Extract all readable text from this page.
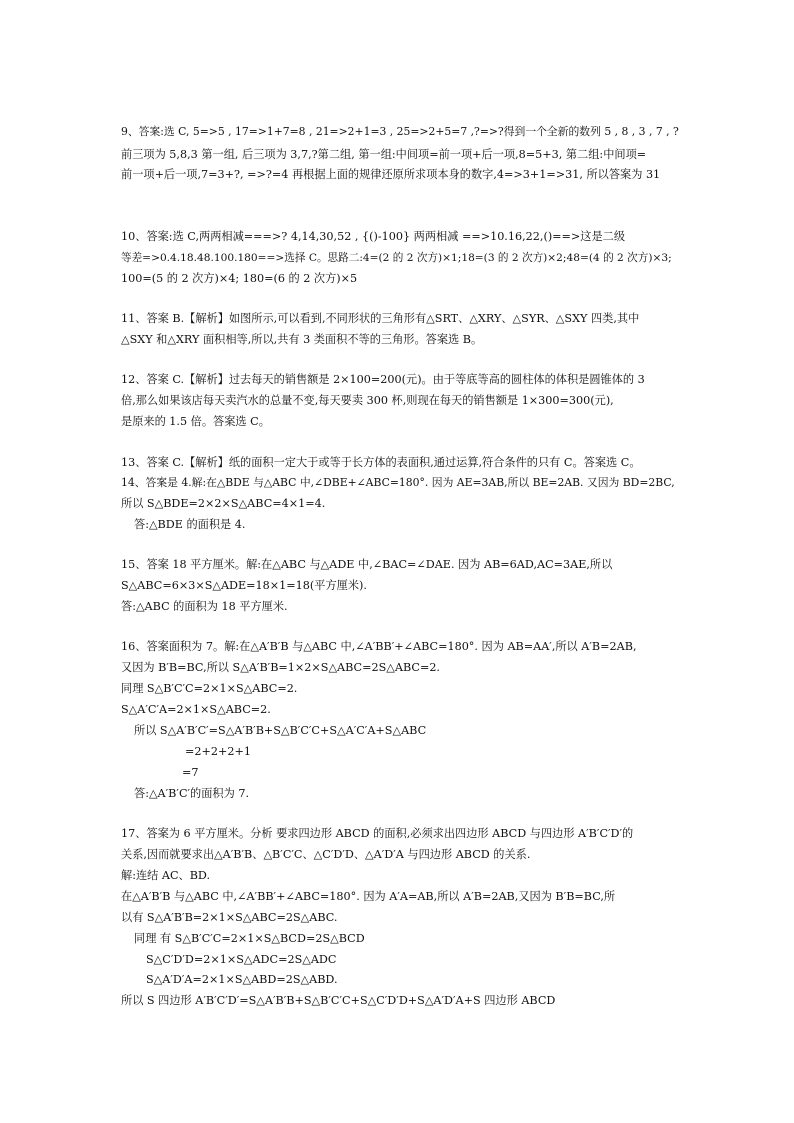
9、答案:选 C, 5=>5 , 17=>1+7=8 , 21=>2+1=3 , 25=>2+5=7 ,?=>?得到一个全新的数列 5 , 8 , 3 , 7 , ?
前三项为 5,8,3 第一组, 后三项为 3,7,?第二组, 第一组:中间项=前一项+后一项,8=5+3, 第二组:中间项=
前一项+后一项,7=3+?, =>?=4 再根据上面的规律还原所求项本身的数字,4=>3+1=>31, 所以答案为 31
10、答案:选 C,两两相减===>? 4,14,30,52 , {()-100} 两两相减 ==>10.16,22,()==>这是二级
等差=>0.4.18.48.100.180==>选择 C。思路二:4=(2 的 2 次方)×1;18=(3 的 2 次方)×2;48=(4 的 2 次方)×3;
100=(5 的 2 次方)×4; 180=(6 的 2 次方)×5
11、答案 B.【解析】如图所示,可以看到,不同形状的三角形有△SRT、△XRY、△SYR、△SXY 四类,其中
△SXY 和△XRY 面积相等,所以,共有 3 类面积不等的三角形。答案选 B。
12、答案 C.【解析】过去每天的销售额是 2×100=200(元)。由于等底等高的圆柱体的体积是圆锥体的 3
倍,那么如果该店每天卖汽水的总量不变,每天要卖 300 杯,则现在每天的销售额是 1×300=300(元),
是原来的 1.5 倍。答案选 C。
13、答案 C.【解析】纸的面积一定大于或等于长方体的表面积,通过运算,符合条件的只有 C。答案选 C。
14、答案是 4.解:在△BDE 与△ABC 中,∠DBE+∠ABC=180°. 因为 AE=3AB,所以 BE=2AB. 又因为 BD=2BC,
所以 S△BDE=2×2×S△ABC=4×1=4.
答:△BDE 的面积是 4.
15、答案 18 平方厘米。解:在△ABC 与△ADE 中,∠BAC=∠DAE. 因为 AB=6AD,AC=3AE,所以
S△ABC=6×3×S△ADE=18×1=18(平方厘米).
答:△ABC 的面积为 18 平方厘米.
16、答案面积为 7。解:在△A′B′B 与△ABC 中,∠A′BB′+∠ABC=180°. 因为 AB=AA′,所以 A′B=2AB,
又因为 B′B=BC,所以 S△A′B′B=1×2×S△ABC=2S△ABC=2.
同理 S△B′C′C=2×1×S△ABC=2.
S△A′C′A=2×1×S△ABC=2.
所以 S△A′B′C′=S△A′B′B+S△B′C′C+S△A′C′A+S△ABC
=2+2+2+1
=7
答:△A′B′C′的面积为 7.
17、答案为 6 平方厘米。分析 要求四边形 ABCD 的面积,必须求出四边形 ABCD 与四边形 A′B′C′D′的
关系,因而就要求出△A′B′B、△B′C′C、△C′D′D、△A′D′A 与四边形 ABCD 的关系.
解:连结 AC、BD.
在△A′B′B 与△ABC 中,∠A′BB′+∠ABC=180°. 因为 A′A=AB,所以 A′B=2AB,又因为 B′B=BC,所
以有 S△A′B′B=2×1×S△ABC=2S△ABC.
同理 有 S△B′C′C=2×1×S△BCD=2S△BCD
S△C′D′D=2×1×S△ADC=2S△ADC
S△A′D′A=2×1×S△ABD=2S△ABD.
所以 S 四边形 A′B′C′D′=S△A′B′B+S△B′C′C+S△C′D′D+S△A′D′A+S 四边形 ABCD
